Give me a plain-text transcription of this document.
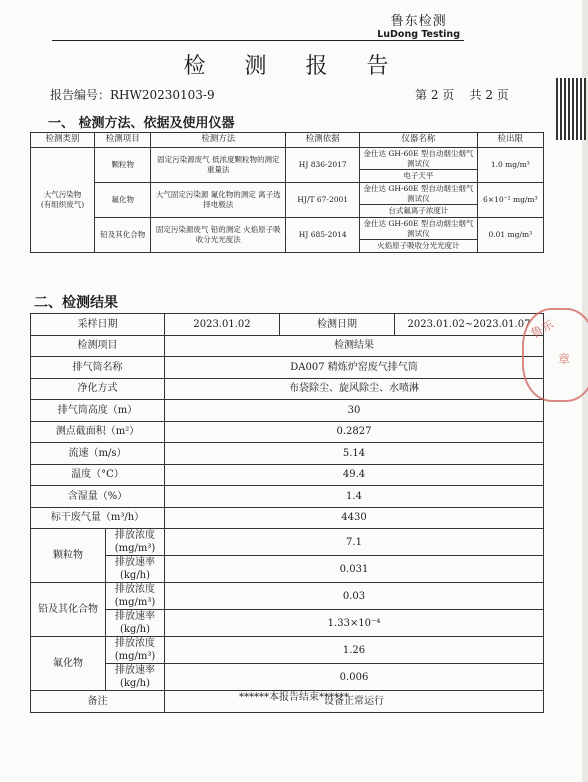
鲁东检测
LuDong Testing
检 测 报 告
报告编号：RHW20230103-9	第 2 页    共 2 页
一、 检测方法、依据及使用仪器
检测类别	检测项目	检测方法	检测依据	仪器名称	检出限
大气污染物
(有组织废气)	颗粒物	固定污染源废气 低浓度颗粒物的测定 重量法	HJ 836-2017	金仕达 GH-60E 型自动烟尘烟气测试仪	1.0 mg/m³
				电子天平	
	氟化物	大气固定污染源 氟化物的测定 离子选择电极法	HJ/T 67-2001	金仕达 GH-60E 型自动烟尘烟气测试仪	6×10⁻² mg/m³
				台式氟离子浓度计	
	铅及其化合物	固定污染源废气 铅的测定 火焰原子吸收分光光度法	HJ 685-2014	金仕达 GH-60E 型自动烟尘烟气测试仪	0.01 mg/m³
				火焰原子吸收分光光度计	
二、检测结果
采样日期		2023.01.02	检测日期	2023.01.02~2023.01.07
检测项目		检测结果		
排气筒名称		DA007 精炼炉窑废气排气筒		
净化方式		布袋除尘、旋风除尘、水喷淋		
排气筒高度（m）		30		
测点截面积（m²）		0.2827		
流速（m/s）		5.14		
温度（°C）		49.4		
含湿量（%）		1.4		
标干废气量（m³/h）		4430		
颗粒物	排放浓度(mg/m³)	7.1		
	排放速率(kg/h)	0.031		
铅及其化合物	排放浓度(mg/m³)	0.03		
	排放速率(kg/h)	1.33×10⁻⁴		
氟化物	排放浓度(mg/m³)	1.26		
	排放速率(kg/h)	0.006		
备注		设备正常运行		
******本报告结束******
鲁东
章
